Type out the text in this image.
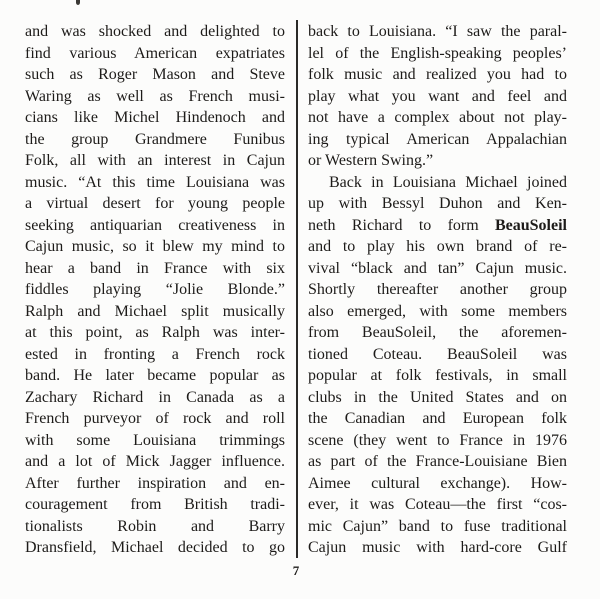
and was shocked and delighted to
find various American expatriates
such as Roger Mason and Steve
Waring as well as French musi-
cians like Michel Hindenoch and
the group Grandmere Funibus
Folk, all with an interest in Cajun
music. “At this time Louisiana was
a virtual desert for young people
seeking antiquarian creativeness in
Cajun music, so it blew my mind to
hear a band in France with six
fiddles playing “Jolie Blonde.”
Ralph and Michael split musically
at this point, as Ralph was inter-
ested in fronting a French rock
band. He later became popular as
Zachary Richard in Canada as a
French purveyor of rock and roll
with some Louisiana trimmings
and a lot of Mick Jagger influence.
After further inspiration and en-
couragement from British tradi-
tionalists Robin and Barry
Dransfield, Michael decided to go
back to Louisiana. “I saw the paral-
lel of the English-speaking peoples’
folk music and realized you had to
play what you want and feel and
not have a complex about not play-
ing typical American Appalachian
or Western Swing.”
Back in Louisiana Michael joined
up with Bessyl Duhon and Ken-
neth Richard to form BeauSoleil
and to play his own brand of re-
vival “black and tan” Cajun music.
Shortly thereafter another group
also emerged, with some members
from BeauSoleil, the aforemen-
tioned Coteau. BeauSoleil was
popular at folk festivals, in small
clubs in the United States and on
the Canadian and European folk
scene (they went to France in 1976
as part of the France-Louisiane Bien
Aimee cultural exchange). How-
ever, it was Coteau—the first “cos-
mic Cajun” band to fuse traditional
Cajun music with hard-core Gulf
7
